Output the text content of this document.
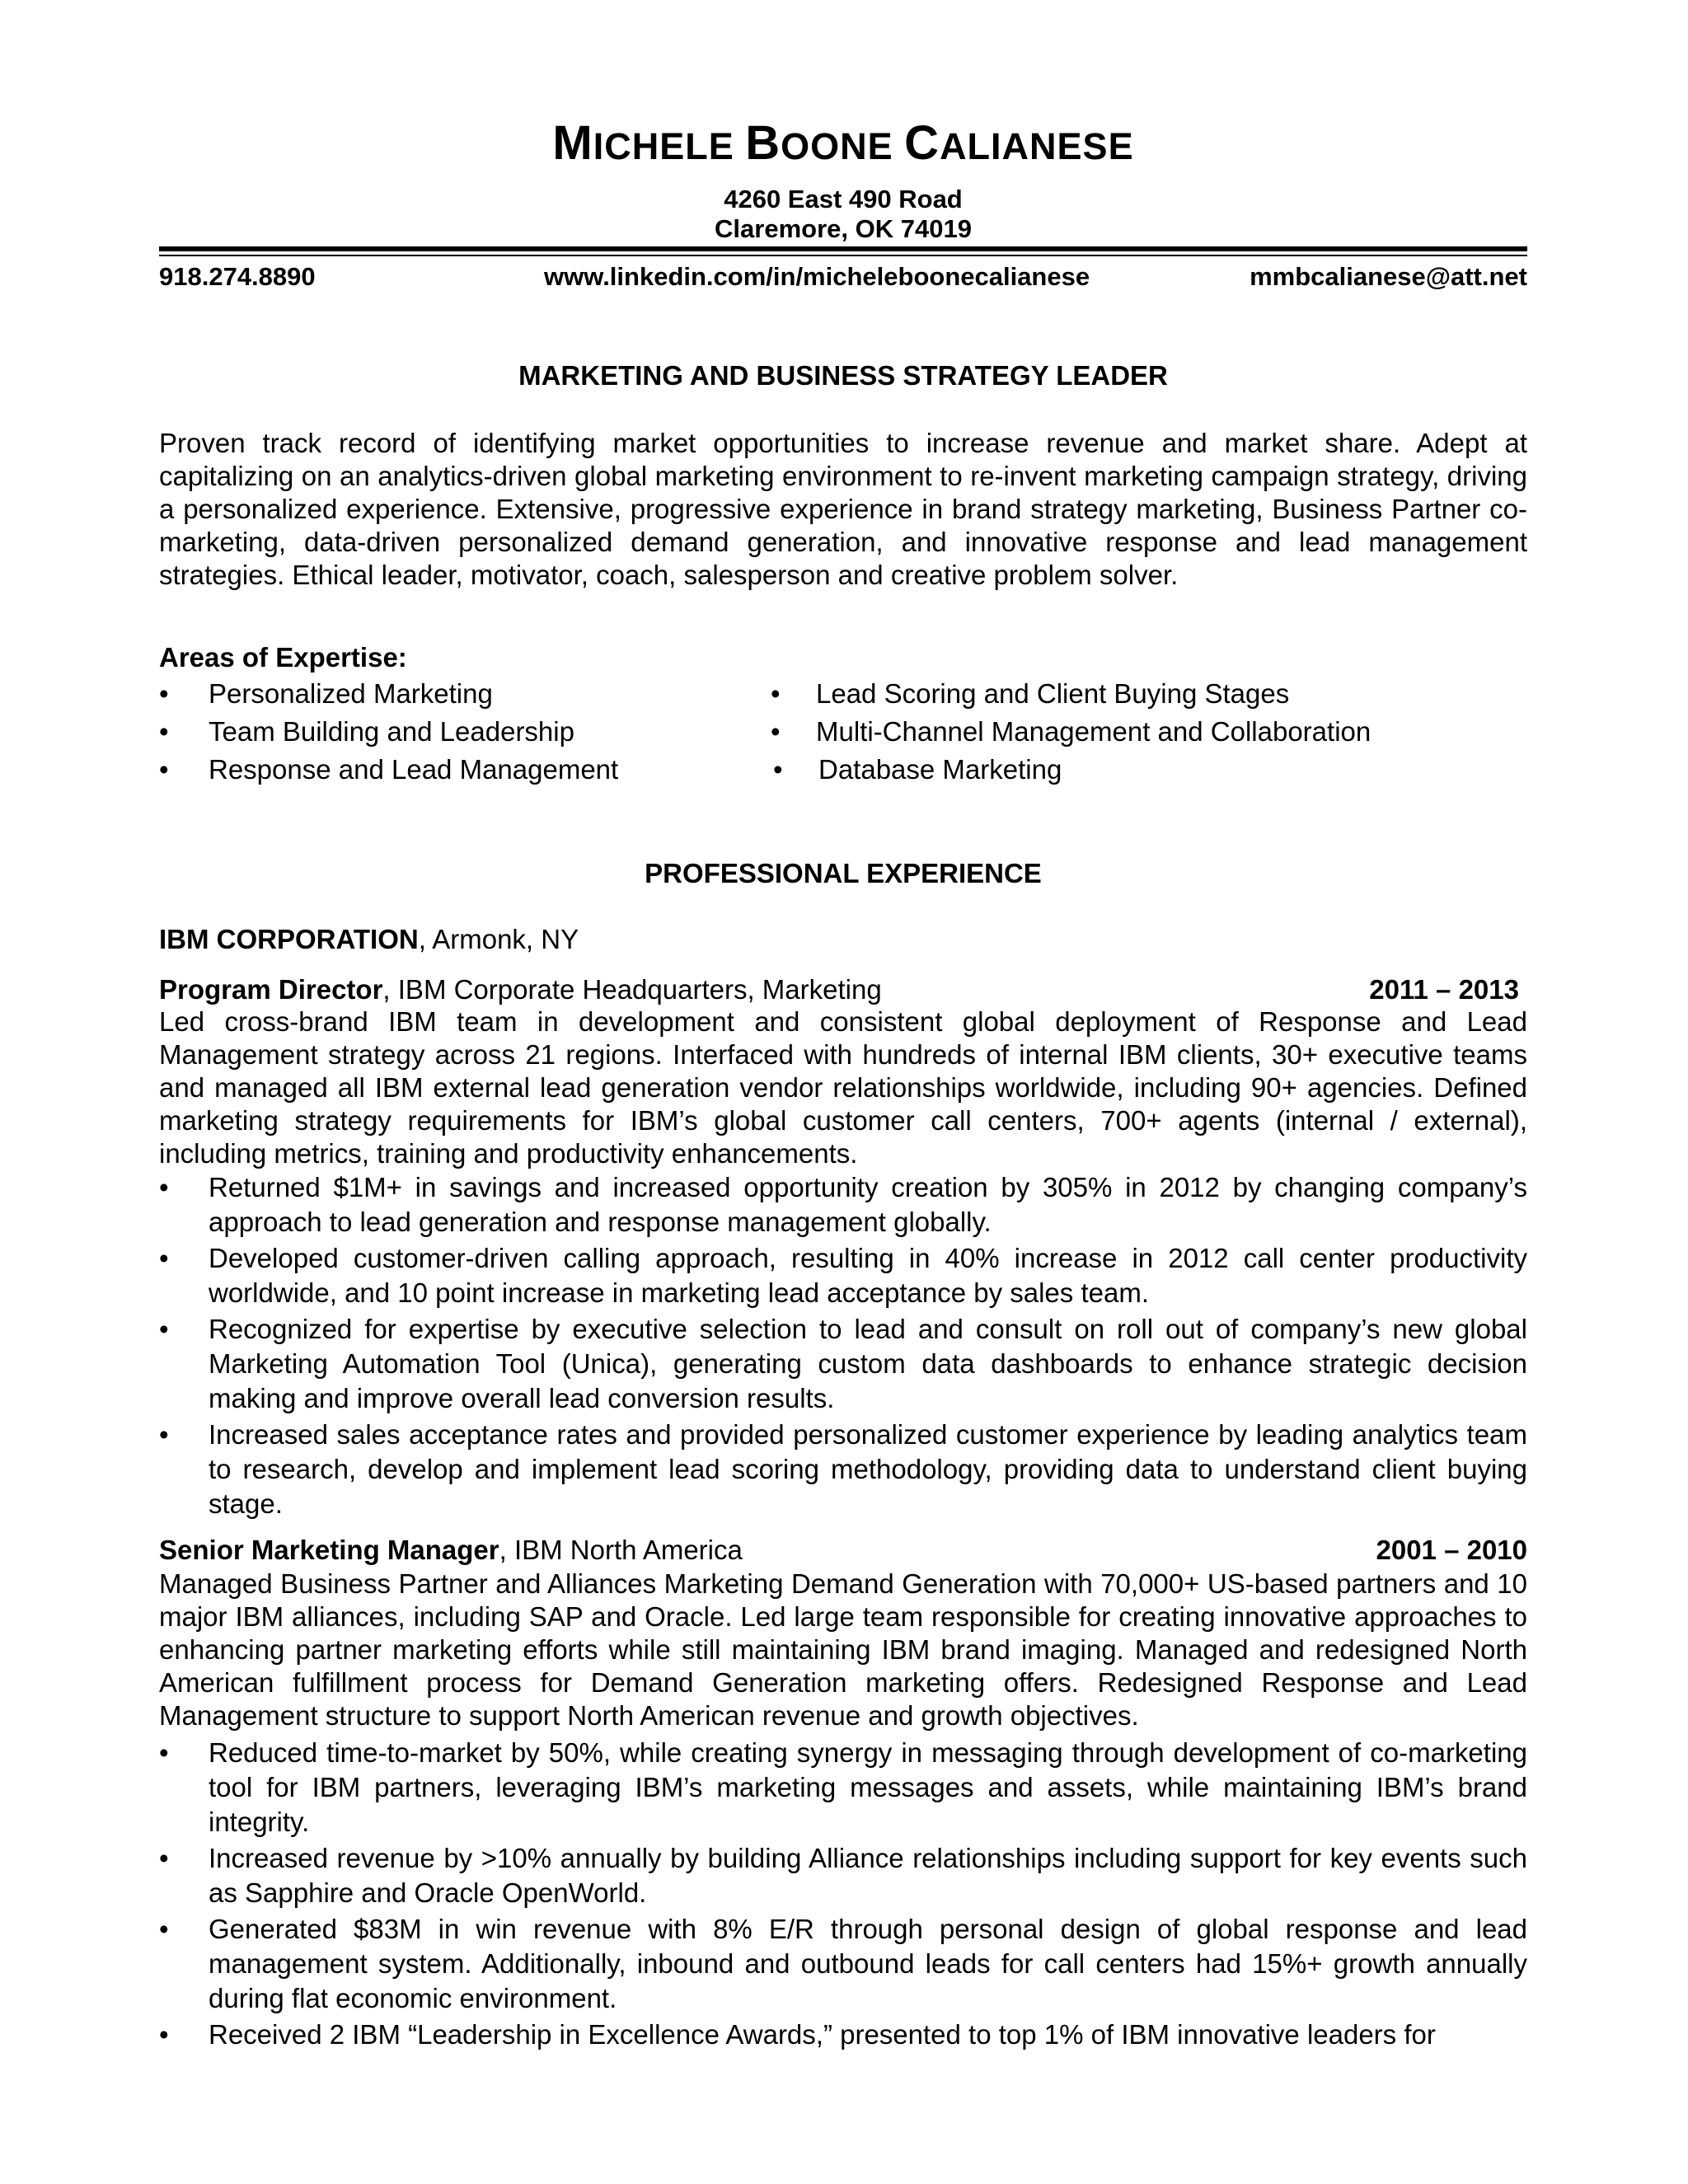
MICHELE BOONE CALIANESE
4260 East 490 Road
Claremore, OK 74019
918.274.8890	www.linkedin.com/in/micheleboonecalianese	mmbcalianese@att.net
MARKETING AND BUSINESS STRATEGY LEADER
Proven track record of identifying market opportunities to increase revenue and market share. Adept at capitalizing on an analytics-driven global marketing environment to re-invent marketing campaign strategy, driving a personalized experience. Extensive, progressive experience in brand strategy marketing, Business Partner co-marketing, data-driven personalized demand generation, and innovative response and lead management strategies. Ethical leader, motivator, coach, salesperson and creative problem solver.
Areas of Expertise:
• Personalized Marketing
• Team Building and Leadership
• Response and Lead Management
• Lead Scoring and Client Buying Stages
• Multi-Channel Management and Collaboration
• Database Marketing
PROFESSIONAL EXPERIENCE
IBM CORPORATION, Armonk, NY
Program Director, IBM Corporate Headquarters, Marketing	2011 – 2013
Led cross-brand IBM team in development and consistent global deployment of Response and Lead Management strategy across 21 regions. Interfaced with hundreds of internal IBM clients, 30+ executive teams and managed all IBM external lead generation vendor relationships worldwide, including 90+ agencies. Defined marketing strategy requirements for IBM’s global customer call centers, 700+ agents (internal / external), including metrics, training and productivity enhancements.
• Returned $1M+ in savings and increased opportunity creation by 305% in 2012 by changing company’s approach to lead generation and response management globally.
• Developed customer-driven calling approach, resulting in 40% increase in 2012 call center productivity worldwide, and 10 point increase in marketing lead acceptance by sales team.
• Recognized for expertise by executive selection to lead and consult on roll out of company’s new global Marketing Automation Tool (Unica), generating custom data dashboards to enhance strategic decision making and improve overall lead conversion results.
• Increased sales acceptance rates and provided personalized customer experience by leading analytics team to research, develop and implement lead scoring methodology, providing data to understand client buying stage.
Senior Marketing Manager, IBM North America	2001 – 2010
Managed Business Partner and Alliances Marketing Demand Generation with 70,000+ US-based partners and 10 major IBM alliances, including SAP and Oracle. Led large team responsible for creating innovative approaches to enhancing partner marketing efforts while still maintaining IBM brand imaging. Managed and redesigned North American fulfillment process for Demand Generation marketing offers. Redesigned Response and Lead Management structure to support North American revenue and growth objectives.
• Reduced time-to-market by 50%, while creating synergy in messaging through development of co-marketing tool for IBM partners, leveraging IBM’s marketing messages and assets, while maintaining IBM’s brand integrity.
• Increased revenue by >10% annually by building Alliance relationships including support for key events such as Sapphire and Oracle OpenWorld.
• Generated $83M in win revenue with 8% E/R through personal design of global response and lead management system. Additionally, inbound and outbound leads for call centers had 15%+ growth annually during flat economic environment.
• Received 2 IBM “Leadership in Excellence Awards,” presented to top 1% of IBM innovative leaders for
